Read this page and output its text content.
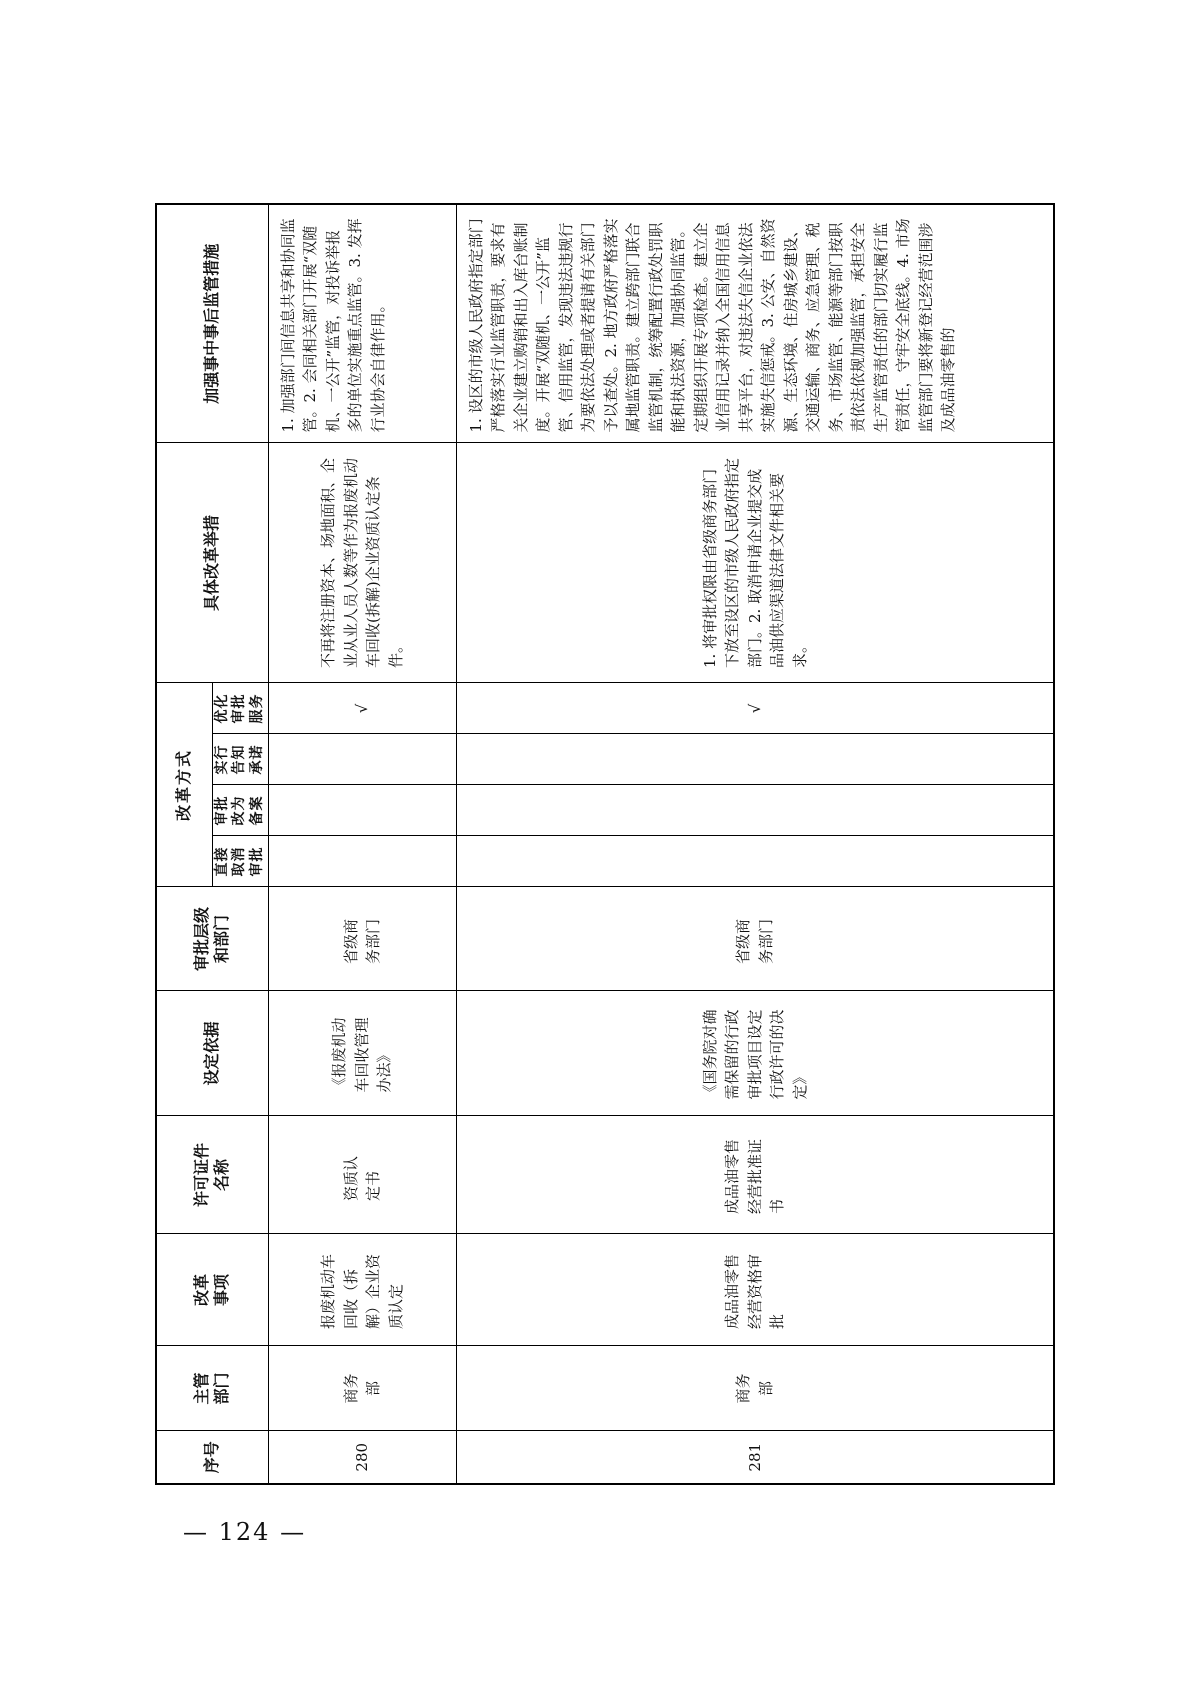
序号	主管部门	改革事项	许可证件名称	设定依据	审批层级和部门	改革方式				具体改革举措	加强事中事后监管措施
						直接取消审批	审批改为备案	实行告知承诺	优化审批服务		
280	商务部	报废机动车回收（拆解）企业资质认定	资质认定书	《报废机动车回收管理办法》	省级商务部门				√	不再将注册资本、场地面积、企业从业人员人数等作为报废机动车回收(拆解)企业资质认定条件。	1. 加强部门间信息共享和协同监管。2. 会同相关部门开展“双随机、一公开”监管，对投诉举报多的单位实施重点监管。3. 发挥行业协会自律作用。
281	商务部	成品油零售经营资格审批	成品油零售经营批准证书	《国务院对确需保留的行政审批项目设定行政许可的决定》	省级商务部门				√	1. 将审批权限由省级商务部门下放至设区的市级人民政府指定部门。2. 取消申请企业提交成品油供应渠道法律文件相关要求。	1. 设区的市级人民政府指定部门严格落实行业监管职责，要求有关企业建立购销和出入库台账制度。开展“双随机、一公开”监管、信用监管，发现违法违规行为要依法处理或者提请有关部门予以查处。2. 地方政府严格落实属地监管职责。建立跨部门联合监管机制，统筹配置行政处罚职能和执法资源，加强协同监管。定期组织开展专项检查。建立企业信用记录并纳入全国信用信息共享平台，对违法失信企业依法实施失信惩戒。3. 公安、自然资源、生态环境、住房城乡建设、交通运输、商务、应急管理、税务、市场监管、能源等部门按职责依法依规加强监管，承担安全生产监管责任的部门切实履行监管责任，守牢安全底线。4. 市场监管部门要将新登记经营范围涉及成品油零售的
— 124 —
